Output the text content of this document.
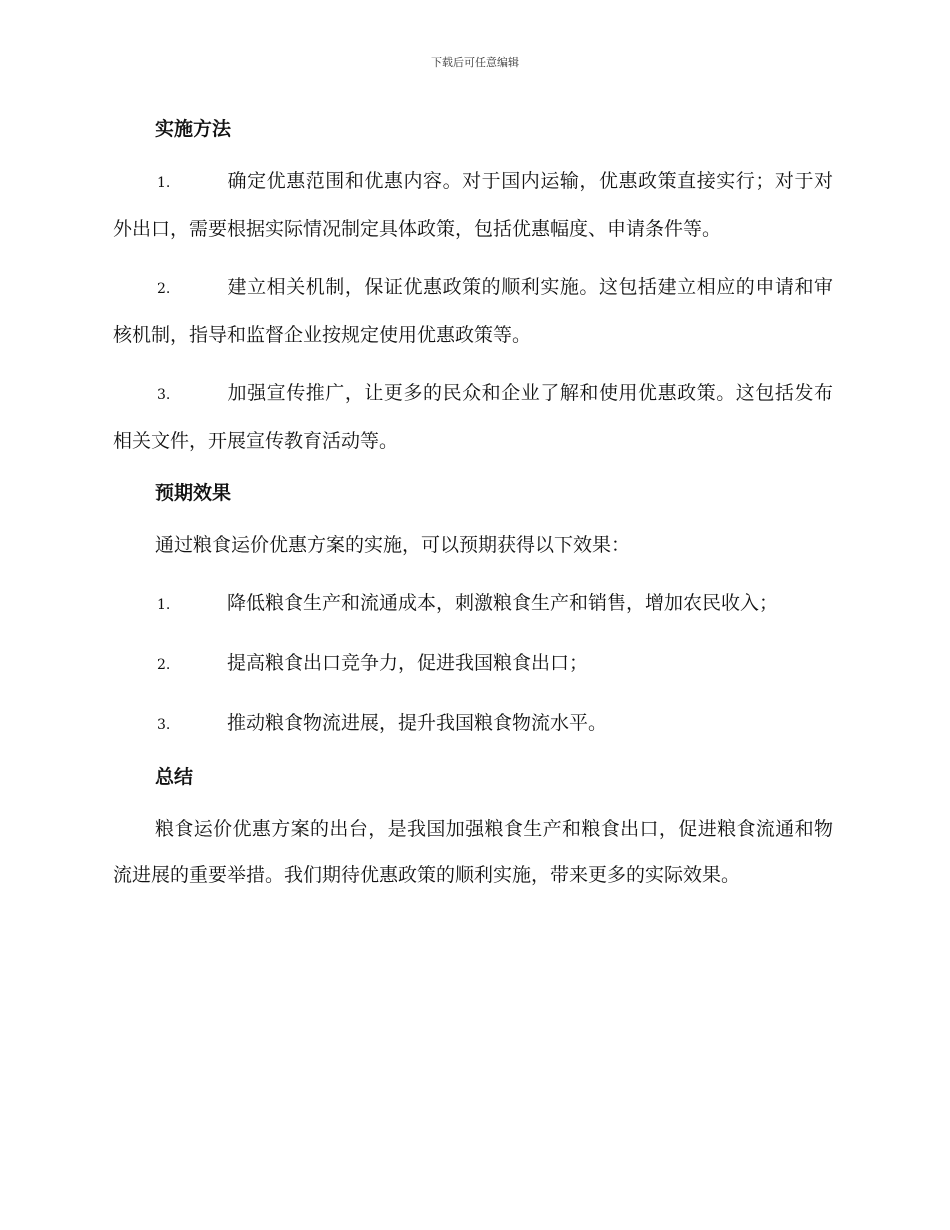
下载后可任意编辑
实施方法

1.	确定优惠范围和优惠内容。对于国内运输，优惠政策直接实行；对于对外出口，需要根据实际情况制定具体政策，包括优惠幅度、申请条件等。

2.	建立相关机制，保证优惠政策的顺利实施。这包括建立相应的申请和审核机制，指导和监督企业按规定使用优惠政策等。

3.	加强宣传推广，让更多的民众和企业了解和使用优惠政策。这包括发布相关文件，开展宣传教育活动等。

预期效果

通过粮食运价优惠方案的实施，可以预期获得以下效果：

1.	降低粮食生产和流通成本，刺激粮食生产和销售，增加农民收入；

2.	提高粮食出口竞争力，促进我国粮食出口；

3.	推动粮食物流进展，提升我国粮食物流水平。

总结

粮食运价优惠方案的出台，是我国加强粮食生产和粮食出口，促进粮食流通和物流进展的重要举措。我们期待优惠政策的顺利实施，带来更多的实际效果。
